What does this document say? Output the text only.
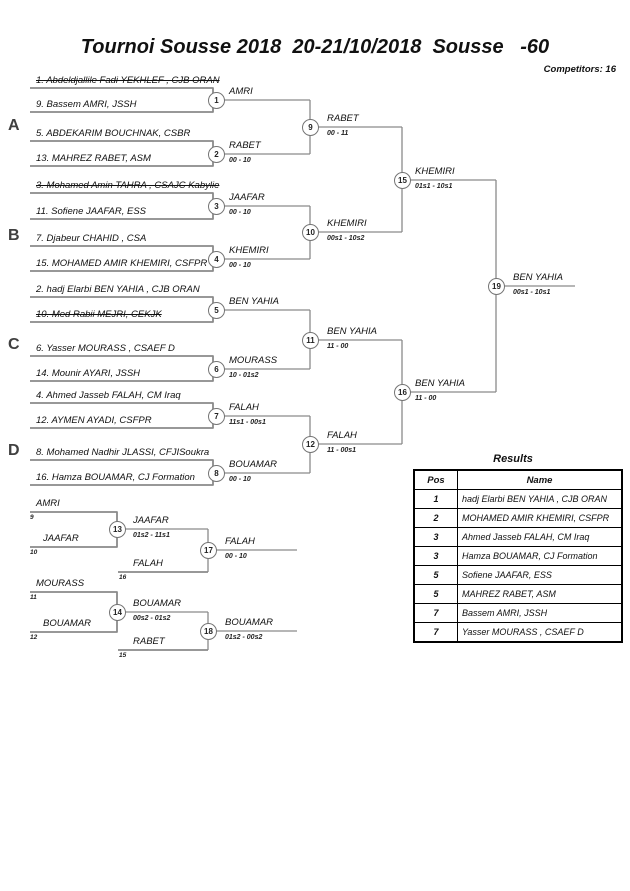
Tournoi Sousse 2018  20-21/10/2018  Sousse   -60
Competitors: 16
A
B
C
D
1. Abdeldjallile Fadi YEKHLEF , CJB ORAN
9. Bassem AMRI, JSSH
5. ABDEKARIM BOUCHNAK, CSBR
13. MAHREZ RABET, ASM
3. Mohamed Amin TAHRA , CSAJC Kabylie
11. Sofiene JAAFAR, ESS
7. Djabeur CHAHID , CSA
15. MOHAMED AMIR KHEMIRI, CSFPR
2. hadj Elarbi BEN YAHIA , CJB ORAN
10. Med Rabii MEJRI, CEKJK
6. Yasser MOURASS , CSAEF D
14. Mounir AYARI, JSSH
4. Ahmed Jasseb FALAH, CM Iraq
12. AYMEN AYADI, CSFPR
8. Mohamed Nadhir JLASSI, CFJISoukra
16. Hamza BOUAMAR, CJ Formation
1
2
3
4
5
6
7
8
9
10
11
12
15
16
19
AMRI
RABET
00 - 10
JAAFAR
00 - 10
KHEMIRI
00 - 10
BEN YAHIA
MOURASS
10 - 01s2
FALAH
11s1 - 00s1
BOUAMAR
00 - 10
RABET
00 - 11
KHEMIRI
00s1 - 10s2
BEN YAHIA
11 - 00
FALAH
11 - 00s1
KHEMIRI
01s1 - 10s1
BEN YAHIA
11 - 00
BEN YAHIA
00s1 - 10s1
AMRI
9
JAAFAR
10
13
JAAFAR
01s2 - 11s1
FALAH
16
17
FALAH
00 - 10
MOURASS
11
BOUAMAR
12
14
BOUAMAR
00s2 - 01s2
RABET
15
18
BOUAMAR
01s2 - 00s2
Results
Pos	Name
1	hadj Elarbi BEN YAHIA , CJB ORAN
2	MOHAMED AMIR KHEMIRI, CSFPR
3	Ahmed Jasseb FALAH, CM Iraq
3	Hamza BOUAMAR, CJ Formation
5	Sofiene JAAFAR, ESS
5	MAHREZ RABET, ASM
7	Bassem AMRI, JSSH
7	Yasser MOURASS , CSAEF D
